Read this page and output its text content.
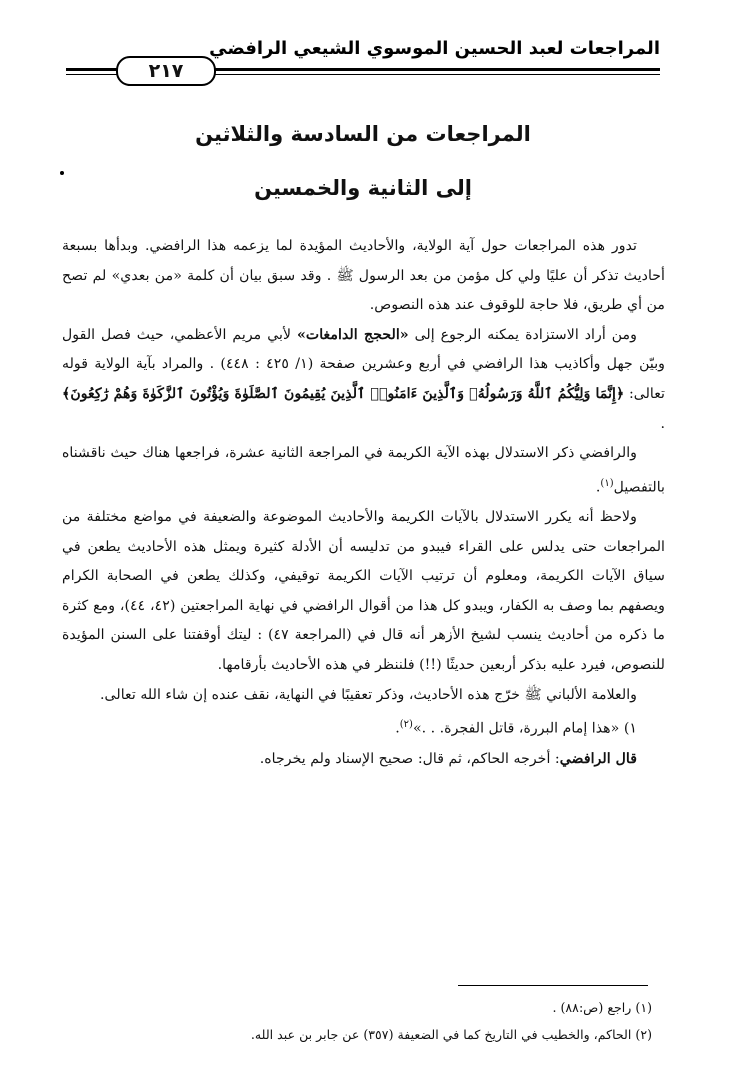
المراجعات لعبد الحسين الموسوي الشيعي الرافضي
٢١٧
المراجعات من السادسة والثلاثين
إلى الثانية والخمسين

تدور هذه المراجعات حول آية الولاية، والأحاديث المؤيدة لما يزعمه هذا الرافضي. وبدأها بسبعة أحاديث تذكر أن عليًا ولي كل مؤمن من بعد الرسول ﷺ . وقد سبق بيان أن كلمة «من بعدي» لم تصح من أي طريق، فلا حاجة للوقوف عند هذه النصوص.

ومن أراد الاستزادة يمكنه الرجوع إلى «الحجج الدامغات» لأبي مريم الأعظمي، حيث فصل القول وبيّن جهل وأكاذيب هذا الرافضي في أربع وعشرين صفحة (١/ ٤٢٥ : ٤٤٨) . والمراد بآية الولاية قوله تعالى: ﴿إِنَّمَا وَلِيُّكُمُ ٱللَّهُ وَرَسُولُهُۥ وَٱلَّذِينَ ءَامَنُوا۟ ٱلَّذِينَ يُقِيمُونَ ٱلصَّلَوٰةَ وَيُؤْتُونَ ٱلزَّكَوٰةَ وَهُمْ رَٰكِعُونَ﴾ .

والرافضي ذكر الاستدلال بهذه الآية الكريمة في المراجعة الثانية عشرة، فراجعها هناك حيث ناقشناه بالتفصيل$^{(١)}$.

ولاحظ أنه يكرر الاستدلال بالآيات الكريمة والأحاديث الموضوعة والضعيفة في مواضع مختلفة من المراجعات حتى يدلس على القراء فيبدو من تدليسه أن الأدلة كثيرة ويمثل هذه الأحاديث يطعن في سياق الآيات الكريمة، ومعلوم أن ترتيب الآيات الكريمة توقيفي، وكذلك يطعن في الصحابة الكرام ويصفهم بما وصف به الكفار، ويبدو كل هذا من أقوال الرافضي في نهاية المراجعتين (٤٢، ٤٤)، ومع كثرة ما ذكره من أحاديث ينسب لشيخ الأزهر أنه قال في (المراجعة ٤٧) : ليتك أوقفتنا على السنن المؤيدة للنصوص، فيرد عليه بذكر أربعين حديثًا (!!) فلننظر في هذه الأحاديث بأرقامها.

والعلامة الألباني ﷺ خرّج هذه الأحاديث، وذكر تعقيبًا في النهاية، نقف عنده إن شاء الله تعالى.

١) «هذا إمام البررة، قاتل الفجرة. . .»$^{(٢)}$.

قال الرافضي: أخرجه الحاكم، ثم قال: صحيح الإسناد ولم يخرجاه.

(١) راجع (ص:٨٨) .

(٢) الحاكم، والخطيب في التاريخ كما في الضعيفة (٣٥٧) عن جابر بن عبد الله.
